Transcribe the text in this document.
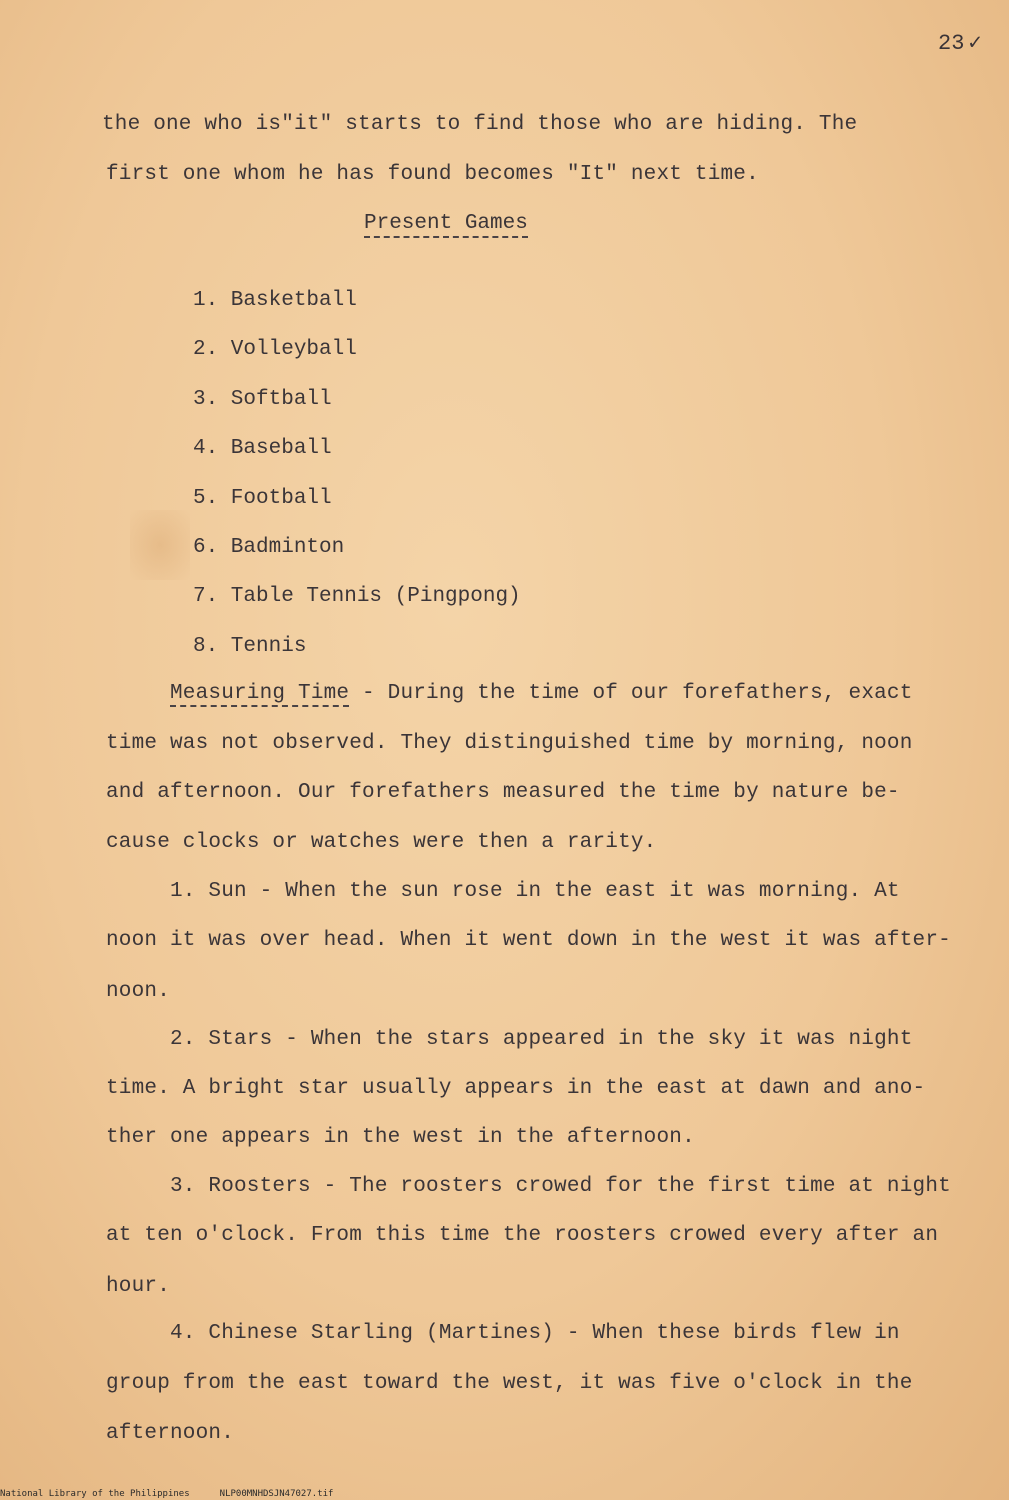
23 ✓
the one who is"it" starts to find those who are hiding. The
first one whom he has found becomes "It" next time.
Present Games
1. Basketball
2. Volleyball
3. Softball
4. Baseball
5. Football
6. Badminton
7. Table Tennis (Pingpong)
8. Tennis
Measuring Time - During the time of our forefathers, exact
time was not observed. They distinguished time by morning, noon
and afternoon. Our forefathers measured the time by nature be-
cause clocks or watches were then a rarity.
1. Sun - When the sun rose in the east it was morning. At
noon it was over head. When it went down in the west it was after-
noon.
2. Stars - When the stars appeared in the sky it was night
time. A bright star usually appears in the east at dawn and ano-
ther one appears in the west in the afternoon.
3. Roosters - The roosters crowed for the first time at night
at ten o'clock. From this time the roosters crowed every after an
hour.
4. Chinese Starling (Martines) - When these birds flew in
group from the east toward the west, it was five o'clock in the
afternoon.
National Library of the Philippines	NLP00MNHDSJN47027.tif
